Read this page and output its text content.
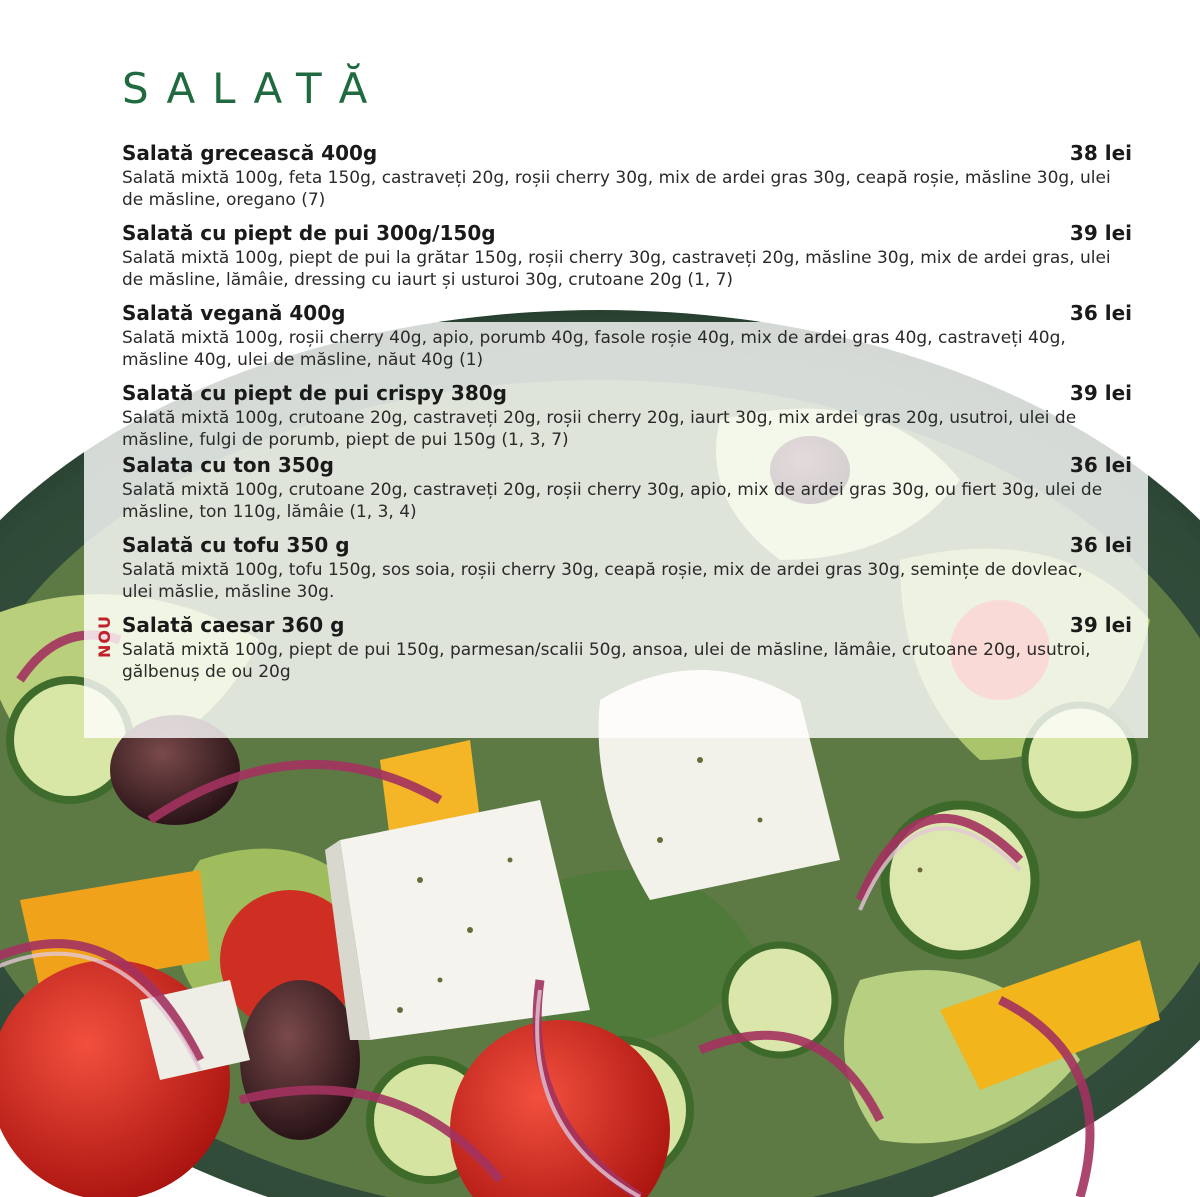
SALATĂ
Salată grecească 400g	38 lei

Salată mixtă 100g, feta 150g, castraveți 20g, roșii cherry 30g, mix de ardei gras 30g, ceapă roșie, măsline 30g, ulei de măsline, oregano (7)

Salată cu piept de pui 300g/150g	39 lei

Salată mixtă 100g, piept de pui la grătar 150g, roșii cherry 30g, castraveți 20g, măsline 30g, mix de ardei gras, ulei de măsline, lămâie, dressing cu iaurt și usturoi 30g, crutoane 20g (1, 7)

Salată vegană 400g	36 lei

Salată mixtă 100g, roșii cherry 40g, apio, porumb 40g, fasole roșie 40g, mix de ardei gras 40g, castraveți 40g, măsline 40g, ulei de măsline, năut 40g (1)

Salată cu piept de pui crispy 380g	39 lei

Salată mixtă 100g, crutoane 20g, castraveți 20g, roșii cherry 20g, iaurt 30g, mix ardei gras 20g, usutroi, ulei de măsline, fulgi de porumb, piept de pui 150g (1, 3, 7)

Salata cu ton 350g	36 lei

Salată mixtă 100g, crutoane 20g, castraveți 20g, roșii cherry 30g, apio, mix de ardei gras 30g, ou fiert 30g, ulei de măsline, ton 110g, lămâie (1, 3, 4)

Salată cu tofu 350 g	36 lei

Salată mixtă 100g, tofu 150g, sos soia, roșii cherry 30g, ceapă roșie, mix de ardei gras 30g, semințe de dovleac, ulei măslie, măsline 30g.

NOU Salată caesar 360 g	39 lei

Salată mixtă 100g, piept de pui 150g, parmesan/scalii 50g, ansoa, ulei de măsline, lămâie, crutoane 20g, usutroi, gălbenuș de ou 20g
